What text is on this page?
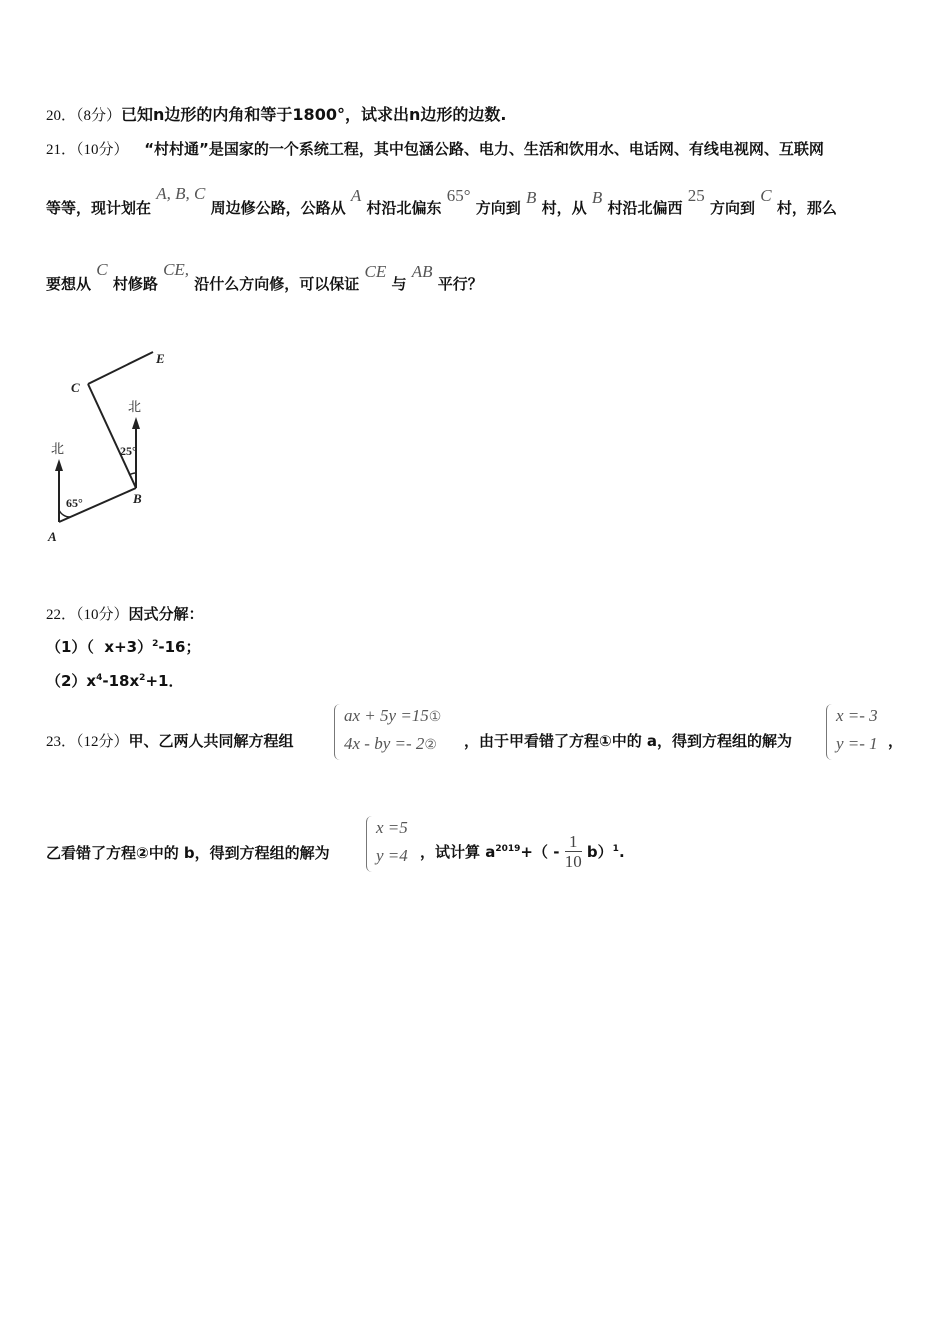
20．（8分）已知n边形的内角和等于1800°，试求出n边形的边数.
21．（10分） “村村通”是国家的一个系统工程，其中包涵公路、电力、生活和饮用水、电话网、有线电视网、互联网
等等，现计划在 A, B, C 周边修公路，公路从 A 村沿北偏东 65° 方向到 B 村，从 B 村沿北偏西 25 方向到 C 村，那么
要想从 C 村修路 CE, 沿什么方向修，可以保证 CE 与 AB 平行？
A
B
C
E
北
北
65°
25°
22．（10分）因式分解：
（1）（ x+3）$^2$-16；
$(2)x^4-18x^2+1$．
23．（12分）甲、乙两人共同解方程组
ax + 5y =15①
4x - by =- 2② ，由于甲看错了方程①中的 a，得到方程组的解为
x =- 3
y =- 1 ，
乙看错了方程②中的 b，得到方程组的解为
x =5
y =4 ，试计算 $a^{2019}+( - \frac{1}{10} b)^1$.
